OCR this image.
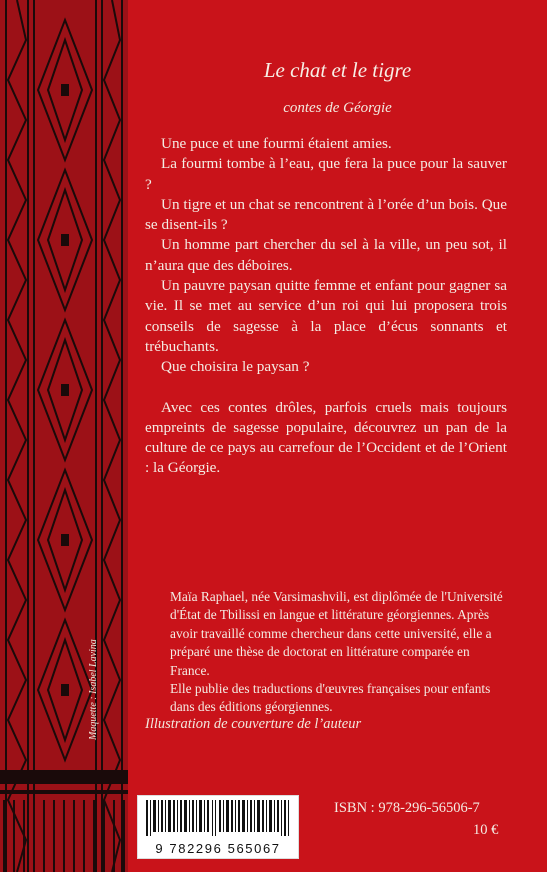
Maquette : Isabel Lavina
Le chat et le tigre
contes de Géorgie

Une puce et une fourmi étaient amies.

La fourmi tombe à l’eau, que fera la puce pour la sauver ?

Un tigre et un chat se rencontrent à l’orée d’un bois. Que se disent-ils ?

Un homme part chercher du sel à la ville, un peu sot, il n’aura que des déboires.

Un pauvre paysan quitte femme et enfant pour gagner sa vie. Il se met au service d’un roi qui lui proposera trois conseils de sagesse à la place d’écus sonnants et trébuchants.

Que choisira le paysan ?

Avec ces contes drôles, parfois cruels mais toujours empreints de sagesse populaire, découvrez un pan de la culture de ce pays au carrefour de l’Occident et de l’Orient : la Géorgie.

Maïa Raphael, née Varsimashvili, est diplômée de l'Université d'État de Tbilissi en langue et littérature géorgiennes. Après avoir travaillé comme chercheur dans cette université, elle a préparé une thèse de doctorat en littérature comparée en France.

Elle publie des traductions d'œuvres françaises pour enfants dans des éditions géorgiennes.

Illustration de couverture de l’auteur
9 782296 565067
ISBN : 978-296-56506-7
10 €
